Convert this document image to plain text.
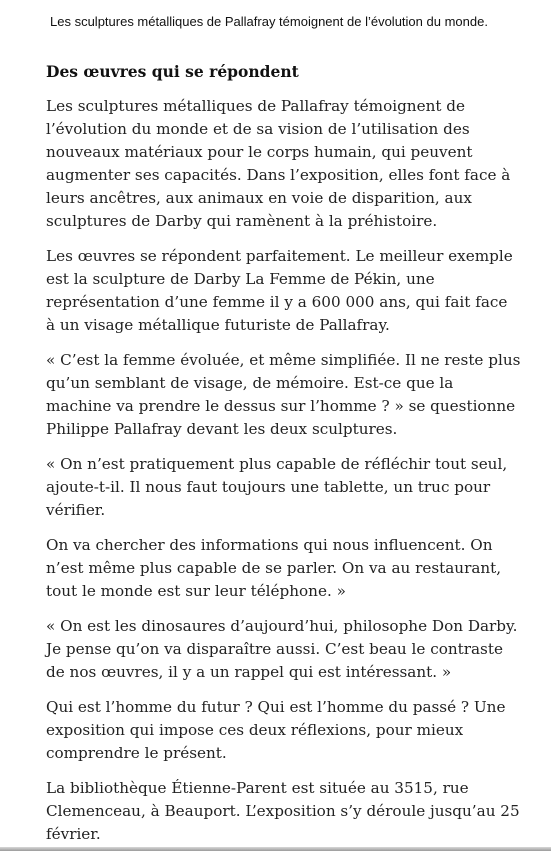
Les sculptures métalliques de Pallafray témoignent de l’évolution du monde.
Des œuvres qui se répondent

Les sculptures métalliques de Pallafray témoignent de l’évolution du monde et de sa vision de l’utilisation des nouveaux matériaux pour le corps humain, qui peuvent augmenter ses capacités. Dans l’exposition, elles font face à leurs ancêtres, aux animaux en voie de disparition, aux sculptures de Darby qui ramènent à la préhistoire.

Les œuvres se répondent parfaitement. Le meilleur exemple est la sculpture de Darby La Femme de Pékin, une représentation d’une femme il y a 600 000 ans, qui fait face à un visage métallique futuriste de Pallafray.

« C’est la femme évoluée, et même simplifiée. Il ne reste plus qu’un semblant de visage, de mémoire. Est-ce que la machine va prendre le dessus sur l’homme ? » se questionne Philippe Pallafray devant les deux sculptures.

« On n’est pratiquement plus capable de réfléchir tout seul, ajoute-t-il. Il nous faut toujours une tablette, un truc pour vérifier.

On va chercher des informations qui nous influencent. On n’est même plus capable de se parler. On va au restaurant, tout le monde est sur leur téléphone. »

« On est les dinosaures d’aujourd’hui, philosophe Don Darby. Je pense qu’on va disparaître aussi. C’est beau le contraste de nos œuvres, il y a un rappel qui est intéressant. »

Qui est l’homme du futur ? Qui est l’homme du passé ? Une exposition qui impose ces deux réflexions, pour mieux comprendre le présent.

La bibliothèque Étienne-Parent est située au 3515, rue Clemenceau, à Beauport. L’exposition s’y déroule jusqu’au 25 février.
